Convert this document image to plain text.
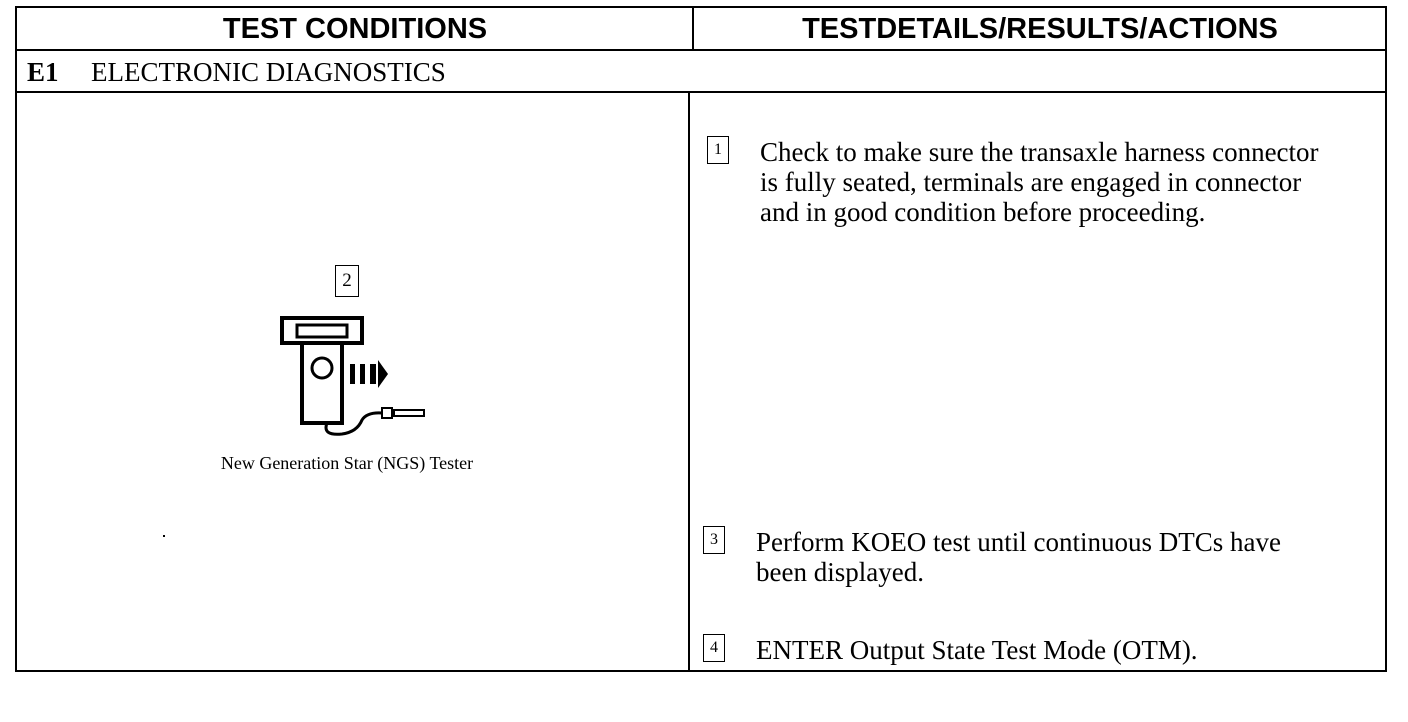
TEST CONDITIONS	TESTDETAILS/RESULTS/ACTIONS
E1	ELECTRONIC DIAGNOSTICS
2
New Generation Star (NGS) Tester
1 Check to make sure the transaxle harness connector
is fully seated, terminals are engaged in connector
and in good condition before proceeding.
3 Perform KOEO test until continuous DTCs have
been displayed.
4 ENTER Output State Test Mode (OTM).
